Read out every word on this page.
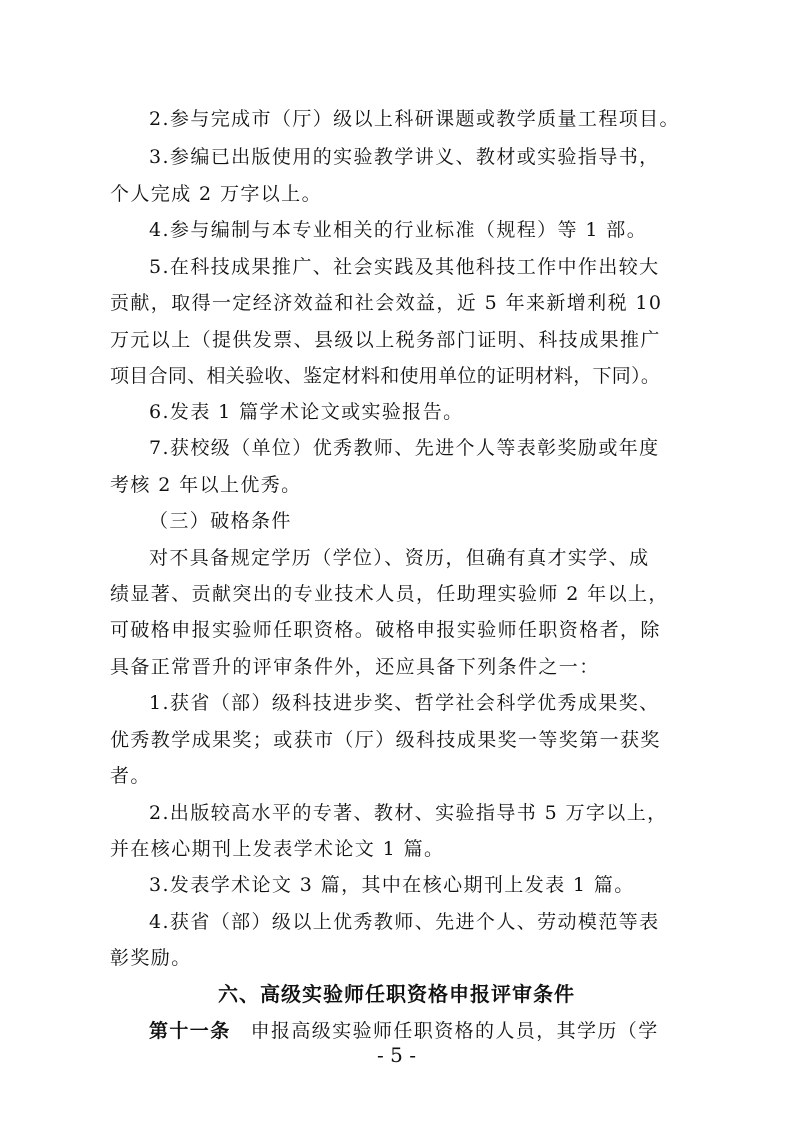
2.参与完成市（厅）级以上科研课题或教学质量工程项目。
3.参编已出版使用的实验教学讲义、教材或实验指导书，
个人完成 2 万字以上。
4.参与编制与本专业相关的行业标准（规程）等 1 部。
5.在科技成果推广、社会实践及其他科技工作中作出较大
贡献，取得一定经济效益和社会效益，近 5 年来新增利税 10
万元以上（提供发票、县级以上税务部门证明、科技成果推广
项目合同、相关验收、鉴定材料和使用单位的证明材料，下同）。
6.发表 1 篇学术论文或实验报告。
7.获校级（单位）优秀教师、先进个人等表彰奖励或年度
考核 2 年以上优秀。
（三）破格条件
对不具备规定学历（学位）、资历，但确有真才实学、成
绩显著、贡献突出的专业技术人员，任助理实验师 2 年以上，
可破格申报实验师任职资格。破格申报实验师任职资格者，除
具备正常晋升的评审条件外，还应具备下列条件之一：
1.获省（部）级科技进步奖、哲学社会科学优秀成果奖、
优秀教学成果奖；或获市（厅）级科技成果奖一等奖第一获奖
者。
2.出版较高水平的专著、教材、实验指导书 5 万字以上，
并在核心期刊上发表学术论文 1 篇。
3.发表学术论文 3 篇，其中在核心期刊上发表 1 篇。
4.获省（部）级以上优秀教师、先进个人、劳动模范等表
彰奖励。
六、高级实验师任职资格申报评审条件
第十一条 申报高级实验师任职资格的人员，其学历（学
- 5 -
